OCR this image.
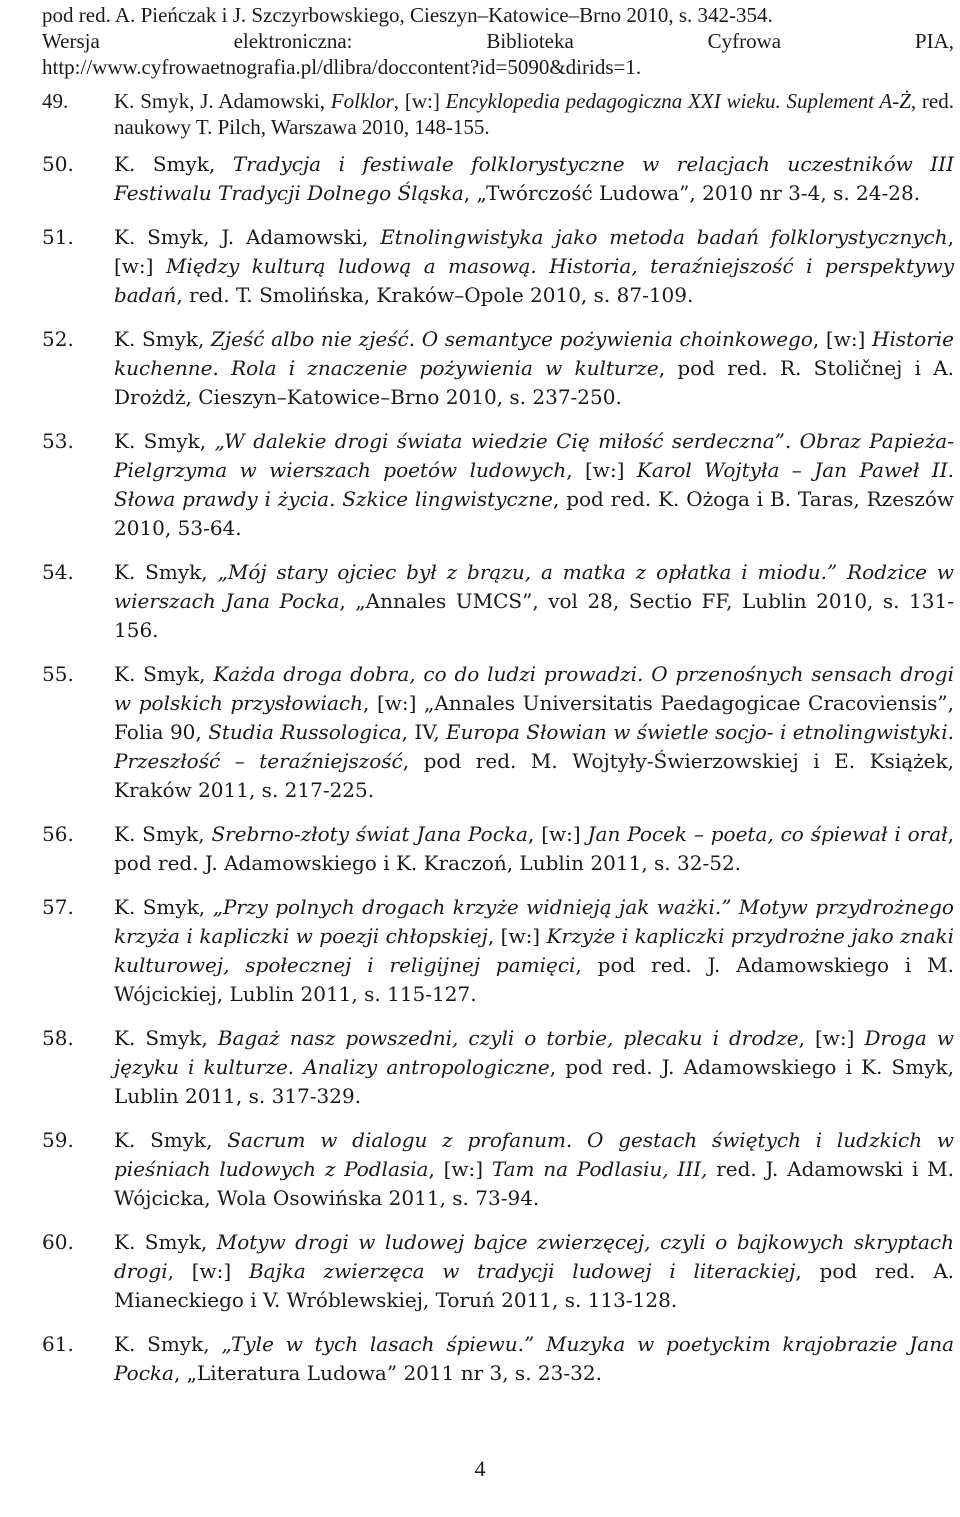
pod red. A. Pieńczak i J. Szczyrbowskiego, Cieszyn–Katowice–Brno 2010, s. 342-354.
Wersja elektroniczna: Biblioteka Cyfrowa PIA,
http://www.cyfrowaetnografia.pl/dlibra/doccontent?id=5090&dirids=1.
49. K. Smyk, J. Adamowski, Folklor, [w:] Encyklopedia pedagogiczna XXI wieku. Suplement A-Ż, red. naukowy T. Pilch, Warszawa 2010, 148-155.
50. K. Smyk, Tradycja i festiwale folklorystyczne w relacjach uczestników III Festiwalu Tradycji Dolnego Śląska, „Twórczość Ludowa”, 2010 nr 3-4, s. 24-28.
51. K. Smyk, J. Adamowski, Etnolingwistyka jako metoda badań folklorystycznych, [w:] Między kulturą ludową a masową. Historia, teraźniejszość i perspektywy badań, red. T. Smolińska, Kraków–Opole 2010, s. 87-109.
52. K. Smyk, Zjeść albo nie zjeść. O semantyce pożywienia choinkowego, [w:] Historie kuchenne. Rola i znaczenie pożywienia w kulturze, pod red. R. Stoličnej i A. Drożdż, Cieszyn–Katowice–Brno 2010, s. 237-250.
53. K. Smyk, „W dalekie drogi świata wiedzie Cię miłość serdeczna”. Obraz Papieża-Pielgrzyma w wierszach poetów ludowych, [w:] Karol Wojtyła – Jan Paweł II. Słowa prawdy i życia. Szkice lingwistyczne, pod red. K. Ożoga i B. Taras, Rzeszów 2010, 53-64.
54. K. Smyk, „Mój stary ojciec był z brązu, a matka z opłatka i miodu.” Rodzice w wierszach Jana Pocka, „Annales UMCS”, vol 28, Sectio FF, Lublin 2010, s. 131-156.
55. K. Smyk, Każda droga dobra, co do ludzi prowadzi. O przenośnych sensach drogi w polskich przysłowiach, [w:] „Annales Universitatis Paedagogicae Cracoviensis”, Folia 90, Studia Russologica, IV, Europa Słowian w świetle socjo- i etnolingwistyki. Przeszłość – teraźniejszość, pod red. M. Wojtyły-Świerzowskiej i E. Książek, Kraków 2011, s. 217-225.
56. K. Smyk, Srebrno-złoty świat Jana Pocka, [w:] Jan Pocek – poeta, co śpiewał i orał, pod red. J. Adamowskiego i K. Kraczoń, Lublin 2011, s. 32-52.
57. K. Smyk, „Przy polnych drogach krzyże widnieją jak ważki.” Motyw przydrożnego krzyża i kapliczki w poezji chłopskiej, [w:] Krzyże i kapliczki przydrożne jako znaki kulturowej, społecznej i religijnej pamięci, pod red. J. Adamowskiego i M. Wójcickiej, Lublin 2011, s. 115-127.
58. K. Smyk, Bagaż nasz powszedni, czyli o torbie, plecaku i drodze, [w:] Droga w języku i kulturze. Analizy antropologiczne, pod red. J. Adamowskiego i K. Smyk, Lublin 2011, s. 317-329.
59. K. Smyk, Sacrum w dialogu z profanum. O gestach świętych i ludzkich w pieśniach ludowych z Podlasia, [w:] Tam na Podlasiu, III, red. J. Adamowski i M. Wójcicka, Wola Osowińska 2011, s. 73-94.
60. K. Smyk, Motyw drogi w ludowej bajce zwierzęcej, czyli o bajkowych skryptach drogi, [w:] Bajka zwierzęca w tradycji ludowej i literackiej, pod red. A. Mianeckiego i V. Wróblewskiej, Toruń 2011, s. 113-128.
61. K. Smyk, „Tyle w tych lasach śpiewu.” Muzyka w poetyckim krajobrazie Jana Pocka, „Literatura Ludowa” 2011 nr 3, s. 23-32.
4
